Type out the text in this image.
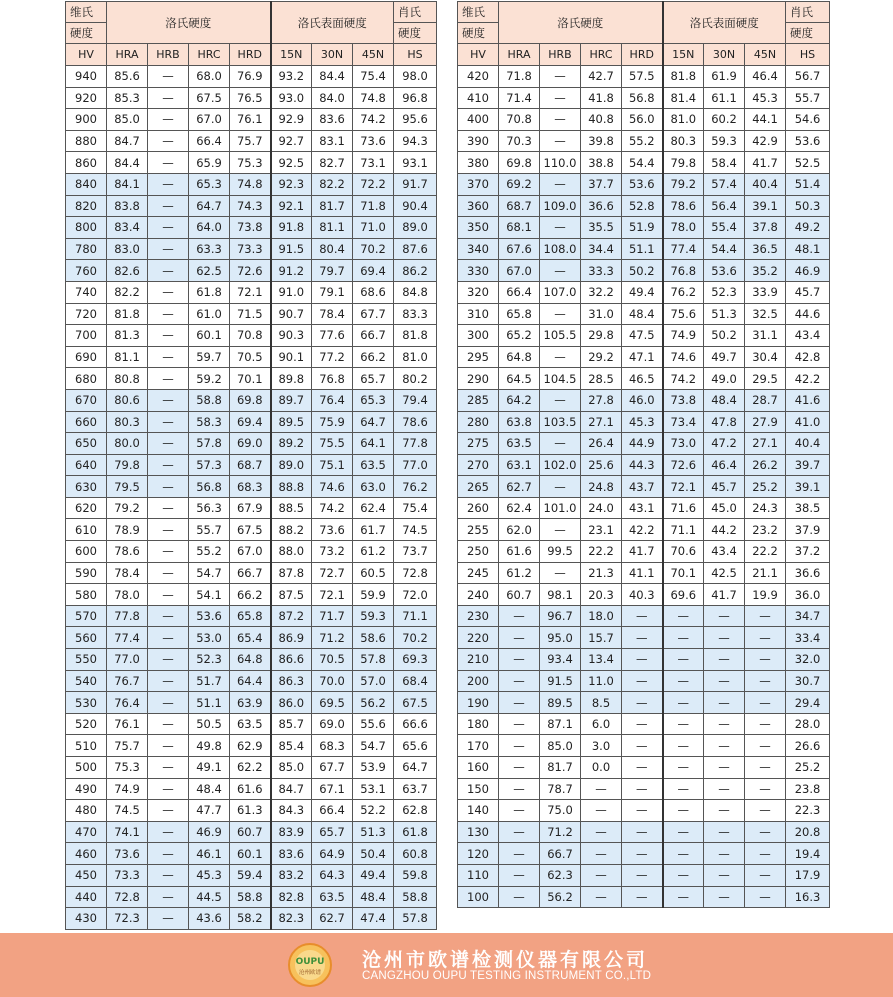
维氏	洛氏硬度				洛氏表面硬度			肖氏
硬度								硬度
HV	HRA	HRB	HRC	HRD	15N	30N	45N	HS
940	85.6	—	68.0	76.9	93.2	84.4	75.4	98.0
920	85.3	—	67.5	76.5	93.0	84.0	74.8	96.8
900	85.0	—	67.0	76.1	92.9	83.6	74.2	95.6
880	84.7	—	66.4	75.7	92.7	83.1	73.6	94.3
860	84.4	—	65.9	75.3	92.5	82.7	73.1	93.1
840	84.1	—	65.3	74.8	92.3	82.2	72.2	91.7
820	83.8	—	64.7	74.3	92.1	81.7	71.8	90.4
800	83.4	—	64.0	73.8	91.8	81.1	71.0	89.0
780	83.0	—	63.3	73.3	91.5	80.4	70.2	87.6
760	82.6	—	62.5	72.6	91.2	79.7	69.4	86.2
740	82.2	—	61.8	72.1	91.0	79.1	68.6	84.8
720	81.8	—	61.0	71.5	90.7	78.4	67.7	83.3
700	81.3	—	60.1	70.8	90.3	77.6	66.7	81.8
690	81.1	—	59.7	70.5	90.1	77.2	66.2	81.0
680	80.8	—	59.2	70.1	89.8	76.8	65.7	80.2
670	80.6	—	58.8	69.8	89.7	76.4	65.3	79.4
660	80.3	—	58.3	69.4	89.5	75.9	64.7	78.6
650	80.0	—	57.8	69.0	89.2	75.5	64.1	77.8
640	79.8	—	57.3	68.7	89.0	75.1	63.5	77.0
630	79.5	—	56.8	68.3	88.8	74.6	63.0	76.2
620	79.2	—	56.3	67.9	88.5	74.2	62.4	75.4
610	78.9	—	55.7	67.5	88.2	73.6	61.7	74.5
600	78.6	—	55.2	67.0	88.0	73.2	61.2	73.7
590	78.4	—	54.7	66.7	87.8	72.7	60.5	72.8
580	78.0	—	54.1	66.2	87.5	72.1	59.9	72.0
570	77.8	—	53.6	65.8	87.2	71.7	59.3	71.1
560	77.4	—	53.0	65.4	86.9	71.2	58.6	70.2
550	77.0	—	52.3	64.8	86.6	70.5	57.8	69.3
540	76.7	—	51.7	64.4	86.3	70.0	57.0	68.4
530	76.4	—	51.1	63.9	86.0	69.5	56.2	67.5
520	76.1	—	50.5	63.5	85.7	69.0	55.6	66.6
510	75.7	—	49.8	62.9	85.4	68.3	54.7	65.6
500	75.3	—	49.1	62.2	85.0	67.7	53.9	64.7
490	74.9	—	48.4	61.6	84.7	67.1	53.1	63.7
480	74.5	—	47.7	61.3	84.3	66.4	52.2	62.8
470	74.1	—	46.9	60.7	83.9	65.7	51.3	61.8
460	73.6	—	46.1	60.1	83.6	64.9	50.4	60.8
450	73.3	—	45.3	59.4	83.2	64.3	49.4	59.8
440	72.8	—	44.5	58.8	82.8	63.5	48.4	58.8
430	72.3	—	43.6	58.2	82.3	62.7	47.4	57.8
维氏	洛氏硬度				洛氏表面硬度			肖氏
硬度								硬度
HV	HRA	HRB	HRC	HRD	15N	30N	45N	HS
420	71.8	—	42.7	57.5	81.8	61.9	46.4	56.7
410	71.4	—	41.8	56.8	81.4	61.1	45.3	55.7
400	70.8	—	40.8	56.0	81.0	60.2	44.1	54.6
390	70.3	—	39.8	55.2	80.3	59.3	42.9	53.6
380	69.8	110.0	38.8	54.4	79.8	58.4	41.7	52.5
370	69.2	—	37.7	53.6	79.2	57.4	40.4	51.4
360	68.7	109.0	36.6	52.8	78.6	56.4	39.1	50.3
350	68.1	—	35.5	51.9	78.0	55.4	37.8	49.2
340	67.6	108.0	34.4	51.1	77.4	54.4	36.5	48.1
330	67.0	—	33.3	50.2	76.8	53.6	35.2	46.9
320	66.4	107.0	32.2	49.4	76.2	52.3	33.9	45.7
310	65.8	—	31.0	48.4	75.6	51.3	32.5	44.6
300	65.2	105.5	29.8	47.5	74.9	50.2	31.1	43.4
295	64.8	—	29.2	47.1	74.6	49.7	30.4	42.8
290	64.5	104.5	28.5	46.5	74.2	49.0	29.5	42.2
285	64.2	—	27.8	46.0	73.8	48.4	28.7	41.6
280	63.8	103.5	27.1	45.3	73.4	47.8	27.9	41.0
275	63.5	—	26.4	44.9	73.0	47.2	27.1	40.4
270	63.1	102.0	25.6	44.3	72.6	46.4	26.2	39.7
265	62.7	—	24.8	43.7	72.1	45.7	25.2	39.1
260	62.4	101.0	24.0	43.1	71.6	45.0	24.3	38.5
255	62.0	—	23.1	42.2	71.1	44.2	23.2	37.9
250	61.6	99.5	22.2	41.7	70.6	43.4	22.2	37.2
245	61.2	—	21.3	41.1	70.1	42.5	21.1	36.6
240	60.7	98.1	20.3	40.3	69.6	41.7	19.9	36.0
230	—	96.7	18.0	—	—	—	—	34.7
220	—	95.0	15.7	—	—	—	—	33.4
210	—	93.4	13.4	—	—	—	—	32.0
200	—	91.5	11.0	—	—	—	—	30.7
190	—	89.5	8.5	—	—	—	—	29.4
180	—	87.1	6.0	—	—	—	—	28.0
170	—	85.0	3.0	—	—	—	—	26.6
160	—	81.7	0.0	—	—	—	—	25.2
150	—	78.7	—	—	—	—	—	23.8
140	—	75.0	—	—	—	—	—	22.3
130	—	71.2	—	—	—	—	—	20.8
120	—	66.7	—	—	—	—	—	19.4
110	—	62.3	—	—	—	—	—	17.9
100	—	56.2	—	—	—	—	—	16.3
OUPU
沧州欧谱
沧州市欧谱检测仪器有限公司
CANGZHOU OUPU TESTING INSTRUMENT CO.,LTD
